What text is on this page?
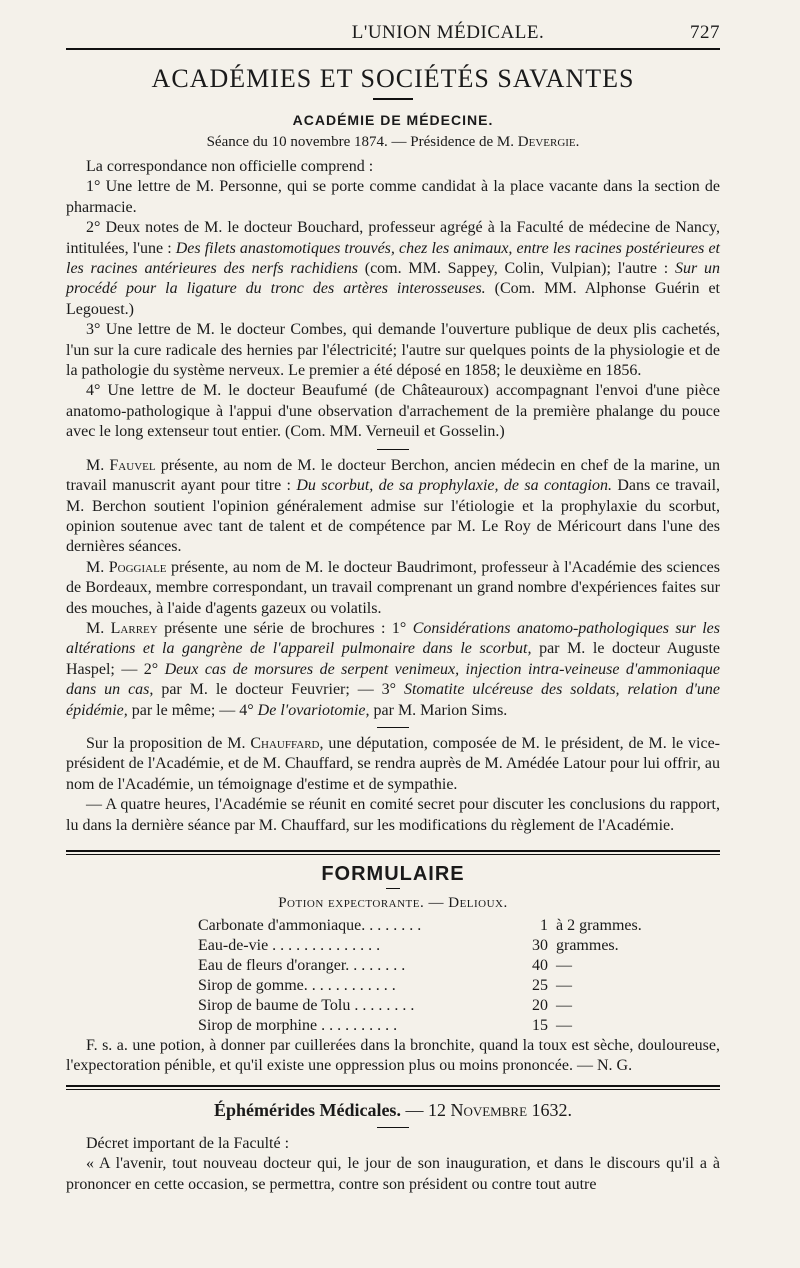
L'UNION MÉDICALE.	727
ACADÉMIES ET SOCIÉTÉS SAVANTES
ACADÉMIE DE MÉDECINE.
Séance du 10 novembre 1874. — Présidence de M. Devergie.

La correspondance non officielle comprend :

1° Une lettre de M. Personne, qui se porte comme candidat à la place vacante dans la section de pharmacie.

2° Deux notes de M. le docteur Bouchard, professeur agrégé à la Faculté de médecine de Nancy, intitulées, l'une : Des filets anastomotiques trouvés, chez les animaux, entre les racines postérieures et les racines antérieures des nerfs rachidiens (com. MM. Sappey, Colin, Vulpian); l'autre : Sur un procédé pour la ligature du tronc des artères interosseuses. (Com. MM. Alphonse Guérin et Legouest.)

3° Une lettre de M. le docteur Combes, qui demande l'ouverture publique de deux plis cachetés, l'un sur la cure radicale des hernies par l'électricité; l'autre sur quelques points de la physiologie et de la pathologie du système nerveux. Le premier a été déposé en 1858; le deuxième en 1856.

4° Une lettre de M. le docteur Beaufumé (de Châteauroux) accompagnant l'envoi d'une pièce anatomo-pathologique à l'appui d'une observation d'arrachement de la première phalange du pouce avec le long extenseur tout entier. (Com. MM. Verneuil et Gosselin.)

M. Fauvel présente, au nom de M. le docteur Berchon, ancien médecin en chef de la marine, un travail manuscrit ayant pour titre : Du scorbut, de sa prophylaxie, de sa contagion. Dans ce travail, M. Berchon soutient l'opinion généralement admise sur l'étiologie et la prophylaxie du scorbut, opinion soutenue avec tant de talent et de compétence par M. Le Roy de Méricourt dans l'une des dernières séances.

M. Poggiale présente, au nom de M. le docteur Baudrimont, professeur à l'Académie des sciences de Bordeaux, membre correspondant, un travail comprenant un grand nombre d'expériences faites sur des mouches, à l'aide d'agents gazeux ou volatils.

M. Larrey présente une série de brochures : 1° Considérations anatomo-pathologiques sur les altérations et la gangrène de l'appareil pulmonaire dans le scorbut, par M. le docteur Auguste Haspel; — 2° Deux cas de morsures de serpent venimeux, injection intra-veineuse d'ammoniaque dans un cas, par M. le docteur Feuvrier; — 3° Stomatite ulcéreuse des soldats, relation d'une épidémie, par le même; — 4° De l'ovariotomie, par M. Marion Sims.

Sur la proposition de M. Chauffard, une députation, composée de M. le président, de M. le vice-président de l'Académie, et de M. Chauffard, se rendra auprès de M. Amédée Latour pour lui offrir, au nom de l'Académie, un témoignage d'estime et de sympathie.

— A quatre heures, l'Académie se réunit en comité secret pour discuter les conclusions du rapport, lu dans la dernière séance par M. Chauffard, sur les modifications du règlement de l'Académie.

FORMULAIRE
Potion expectorante. — Delioux.
Carbonate d'ammoniaque. . . . . . . .	1 à 2 grammes.
Eau-de-vie . . . . . . . . . . . . . .	30 grammes.
Eau de fleurs d'oranger. . . . . . . .	40 —
Sirop de gomme. . . . . . . . . . . .	25 —
Sirop de baume de Tolu . . . . . . . .	20 —
Sirop de morphine . . . . . . . . . .	15 —

F. s. a. une potion, à donner par cuillerées dans la bronchite, quand la toux est sèche, douloureuse, l'expectoration pénible, et qu'il existe une oppression plus ou moins prononcée. — N. G.

Éphémérides Médicales. — 12 Novembre 1632.

Décret important de la Faculté :

« A l'avenir, tout nouveau docteur qui, le jour de son inauguration, et dans le discours qu'il a à prononcer en cette occasion, se permettra, contre son président ou contre tout autre
